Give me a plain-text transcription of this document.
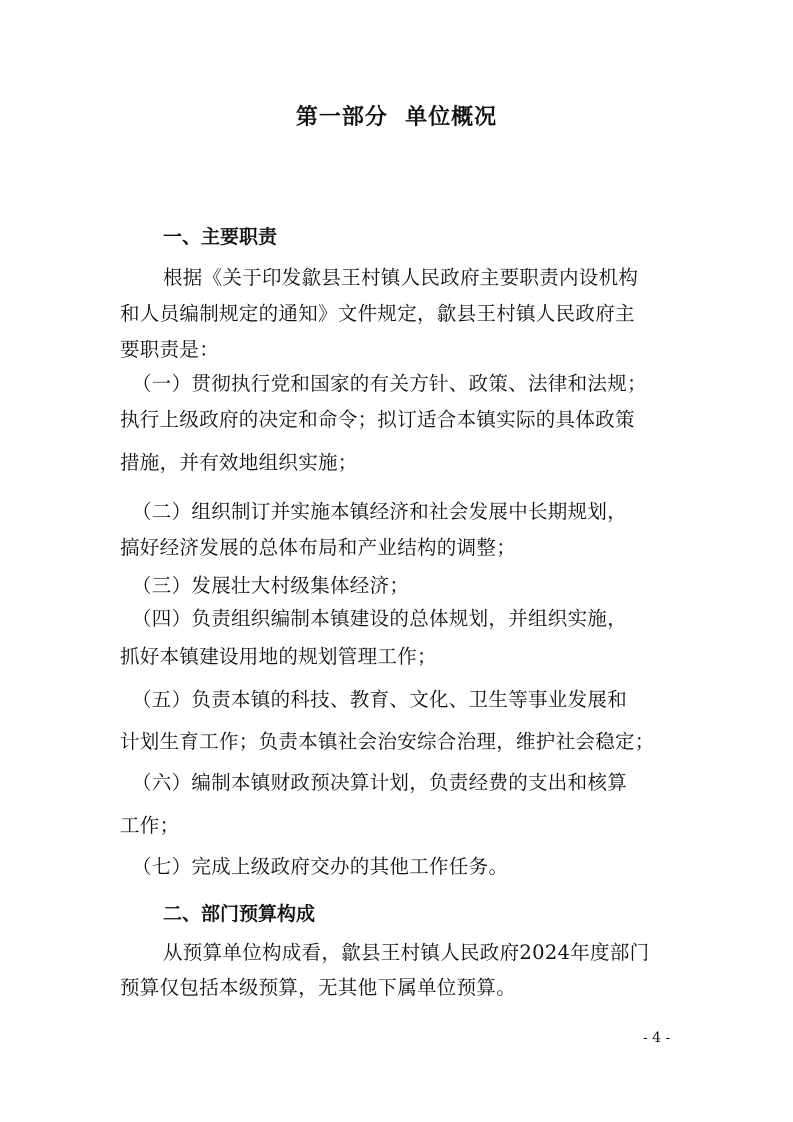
第一部分  单位概况
一、主要职责
根据《关于印发歙县王村镇人民政府主要职责内设机构
和人员编制规定的通知》文件规定，歙县王村镇人民政府主
要职责是：
（一）贯彻执行党和国家的有关方针、政策、法律和法规；
执行上级政府的决定和命令；拟订适合本镇实际的具体政策
措施，并有效地组织实施；
（二）组织制订并实施本镇经济和社会发展中长期规划，
搞好经济发展的总体布局和产业结构的调整；
（三）发展壮大村级集体经济；
（四）负责组织编制本镇建设的总体规划，并组织实施，
抓好本镇建设用地的规划管理工作；
（五）负责本镇的科技、教育、文化、卫生等事业发展和
计划生育工作；负责本镇社会治安综合治理，维护社会稳定；
（六）编制本镇财政预决算计划，负责经费的支出和核算
工作；
（七）完成上级政府交办的其他工作任务。
二、部门预算构成
从预算单位构成看，歙县王村镇人民政府2024年度部门
预算仅包括本级预算，无其他下属单位预算。
- 4 -
